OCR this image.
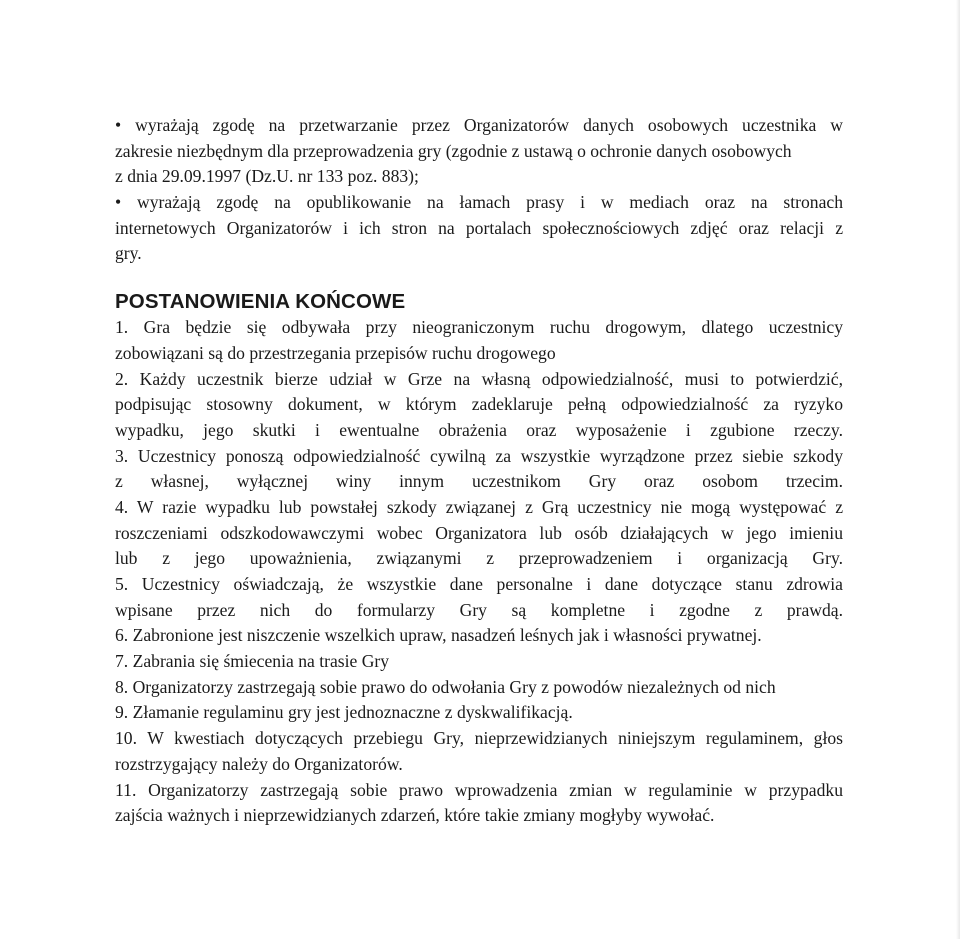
• wyrażają zgodę na przetwarzanie przez Organizatorów danych osobowych uczestnika w
zakresie niezbędnym dla przeprowadzenia gry (zgodnie z ustawą o ochronie danych osobowych
z dnia 29.09.1997 (Dz.U. nr 133 poz. 883);
• wyrażają zgodę na opublikowanie na łamach prasy i w mediach oraz na stronach
internetowych Organizatorów i ich stron na portalach społecznościowych zdjęć oraz relacji z
gry.
POSTANOWIENIA KOŃCOWE
1. Gra będzie się odbywała przy nieograniczonym ruchu drogowym, dlatego uczestnicy
zobowiązani są do przestrzegania przepisów ruchu drogowego
2. Każdy uczestnik bierze udział w Grze na własną odpowiedzialność, musi to potwierdzić,
podpisując stosowny dokument, w którym zadeklaruje pełną odpowiedzialność za ryzyko
wypadku, jego skutki i ewentualne obrażenia oraz wyposażenie i zgubione rzeczy.
3. Uczestnicy ponoszą odpowiedzialność cywilną za wszystkie wyrządzone przez siebie szkody
z własnej, wyłącznej winy innym uczestnikom Gry oraz osobom trzecim.
4. W razie wypadku lub powstałej szkody związanej z Grą uczestnicy nie mogą występować z
roszczeniami odszkodowawczymi wobec Organizatora lub osób działających w jego imieniu
lub z jego upoważnienia, związanymi z przeprowadzeniem i organizacją Gry.
5. Uczestnicy oświadczają, że wszystkie dane personalne i dane dotyczące stanu zdrowia
wpisane przez nich do formularzy Gry są kompletne i zgodne z prawdą.
6. Zabronione jest niszczenie wszelkich upraw, nasadzeń leśnych jak i własności prywatnej.
7. Zabrania się śmiecenia na trasie Gry
8. Organizatorzy zastrzegają sobie prawo do odwołania Gry z powodów niezależnych od nich
9. Złamanie regulaminu gry jest jednoznaczne z dyskwalifikacją.
10. W kwestiach dotyczących przebiegu Gry, nieprzewidzianych niniejszym regulaminem, głos
rozstrzygający należy do Organizatorów.
11. Organizatorzy zastrzegają sobie prawo wprowadzenia zmian w regulaminie w przypadku
zajścia ważnych i nieprzewidzianych zdarzeń, które takie zmiany mogłyby wywołać.
